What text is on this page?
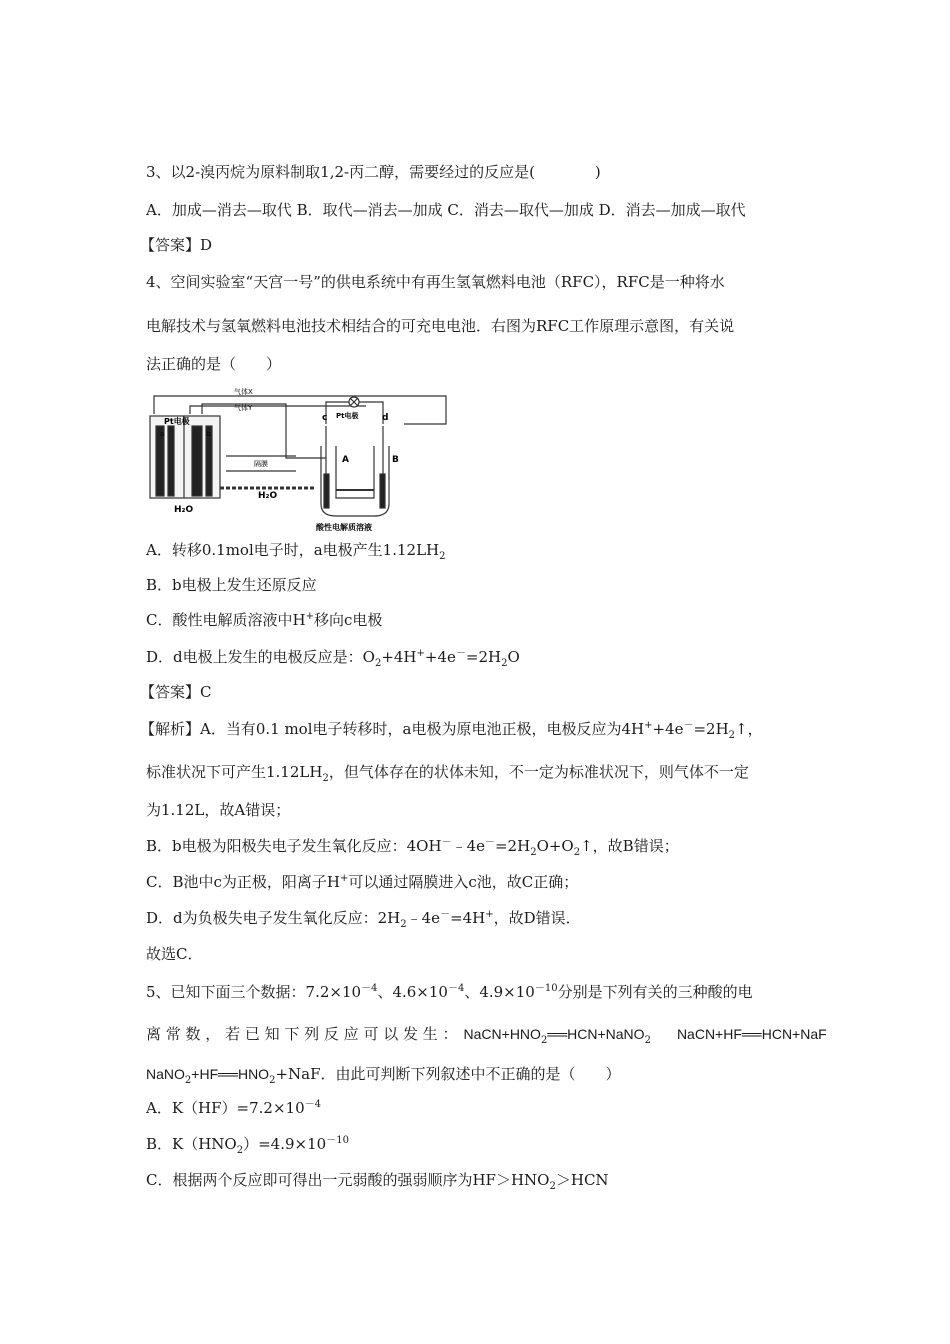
3、以2-溴丙烷为原料制取1,2-丙二醇，需要经过的反应是(　　　　)
A．加成—消去—取代 B．取代—消去—加成 C．消去—取代—加成 D．消去—加成—取代
【答案】D
4、空间实验室“天宫一号”的供电系统中有再生氢氧燃料电池（RFC），RFC是一种将水
电解技术与氢氧燃料电池技术相结合的可充电电池．右图为RFC工作原理示意图，有关说
法正确的是（　　）
气体X
气体Y
Pt电极
a	b
c	d
Pt电极
A	B
隔膜
H₂O
H₂O
酸性电解质溶液
A．转移0.1mol电子时，a电极产生$1.12LH_2$
B．b电极上发生还原反应
C．酸性电解质溶液中H+移向c电极
D．d电极上发生的电极反应是：$O_2+4H^++4e^-=2H_2O$
【答案】C
【解析】A．当有0.1 mol电子转移时，a电极为原电池正极，电极反应为$4H^++4e^-=2H_2↑$，
标准状况下可产生$1.12LH_2$，但气体存在的状体未知，不一定为标准状况下，则气体不一定
为1.12L，故A错误；
B．b电极为阳极失电子发生氧化反应：$4OH^-﹣4e^-=2H_2O+O_2↑$，故B错误；
C．B池中c为正极，阳离子H+可以通过隔膜进入c池，故C正确；
D．d为负极失电子发生氧化反应：$2H_2﹣4e^-=4H^+$，故D错误．
故选C．
5、已知下面三个数据：$7.2\times 10^{-4}$、$4.6\times 10^{-4}$、$4.9\times 10^{-10}$分别是下列有关的三种酸的电
离 常 数 ， 若 已 知 下 列 反 应 可 以 发 生 ： $NaCN+HNO_2══HCN+NaNO_2$ NaCN+HF══HCN+NaF
$NaNO_2+HF══HNO_2+NaF$．由此可判断下列叙述中不正确的是（　　）
A．$K(HF)=7.2\times 10^{-4}$
B．$K(HNO_2)=4.9\times 10^{-10}$
C．根据两个反应即可得出一元弱酸的强弱顺序为$HF>HNO_2>HCN$
